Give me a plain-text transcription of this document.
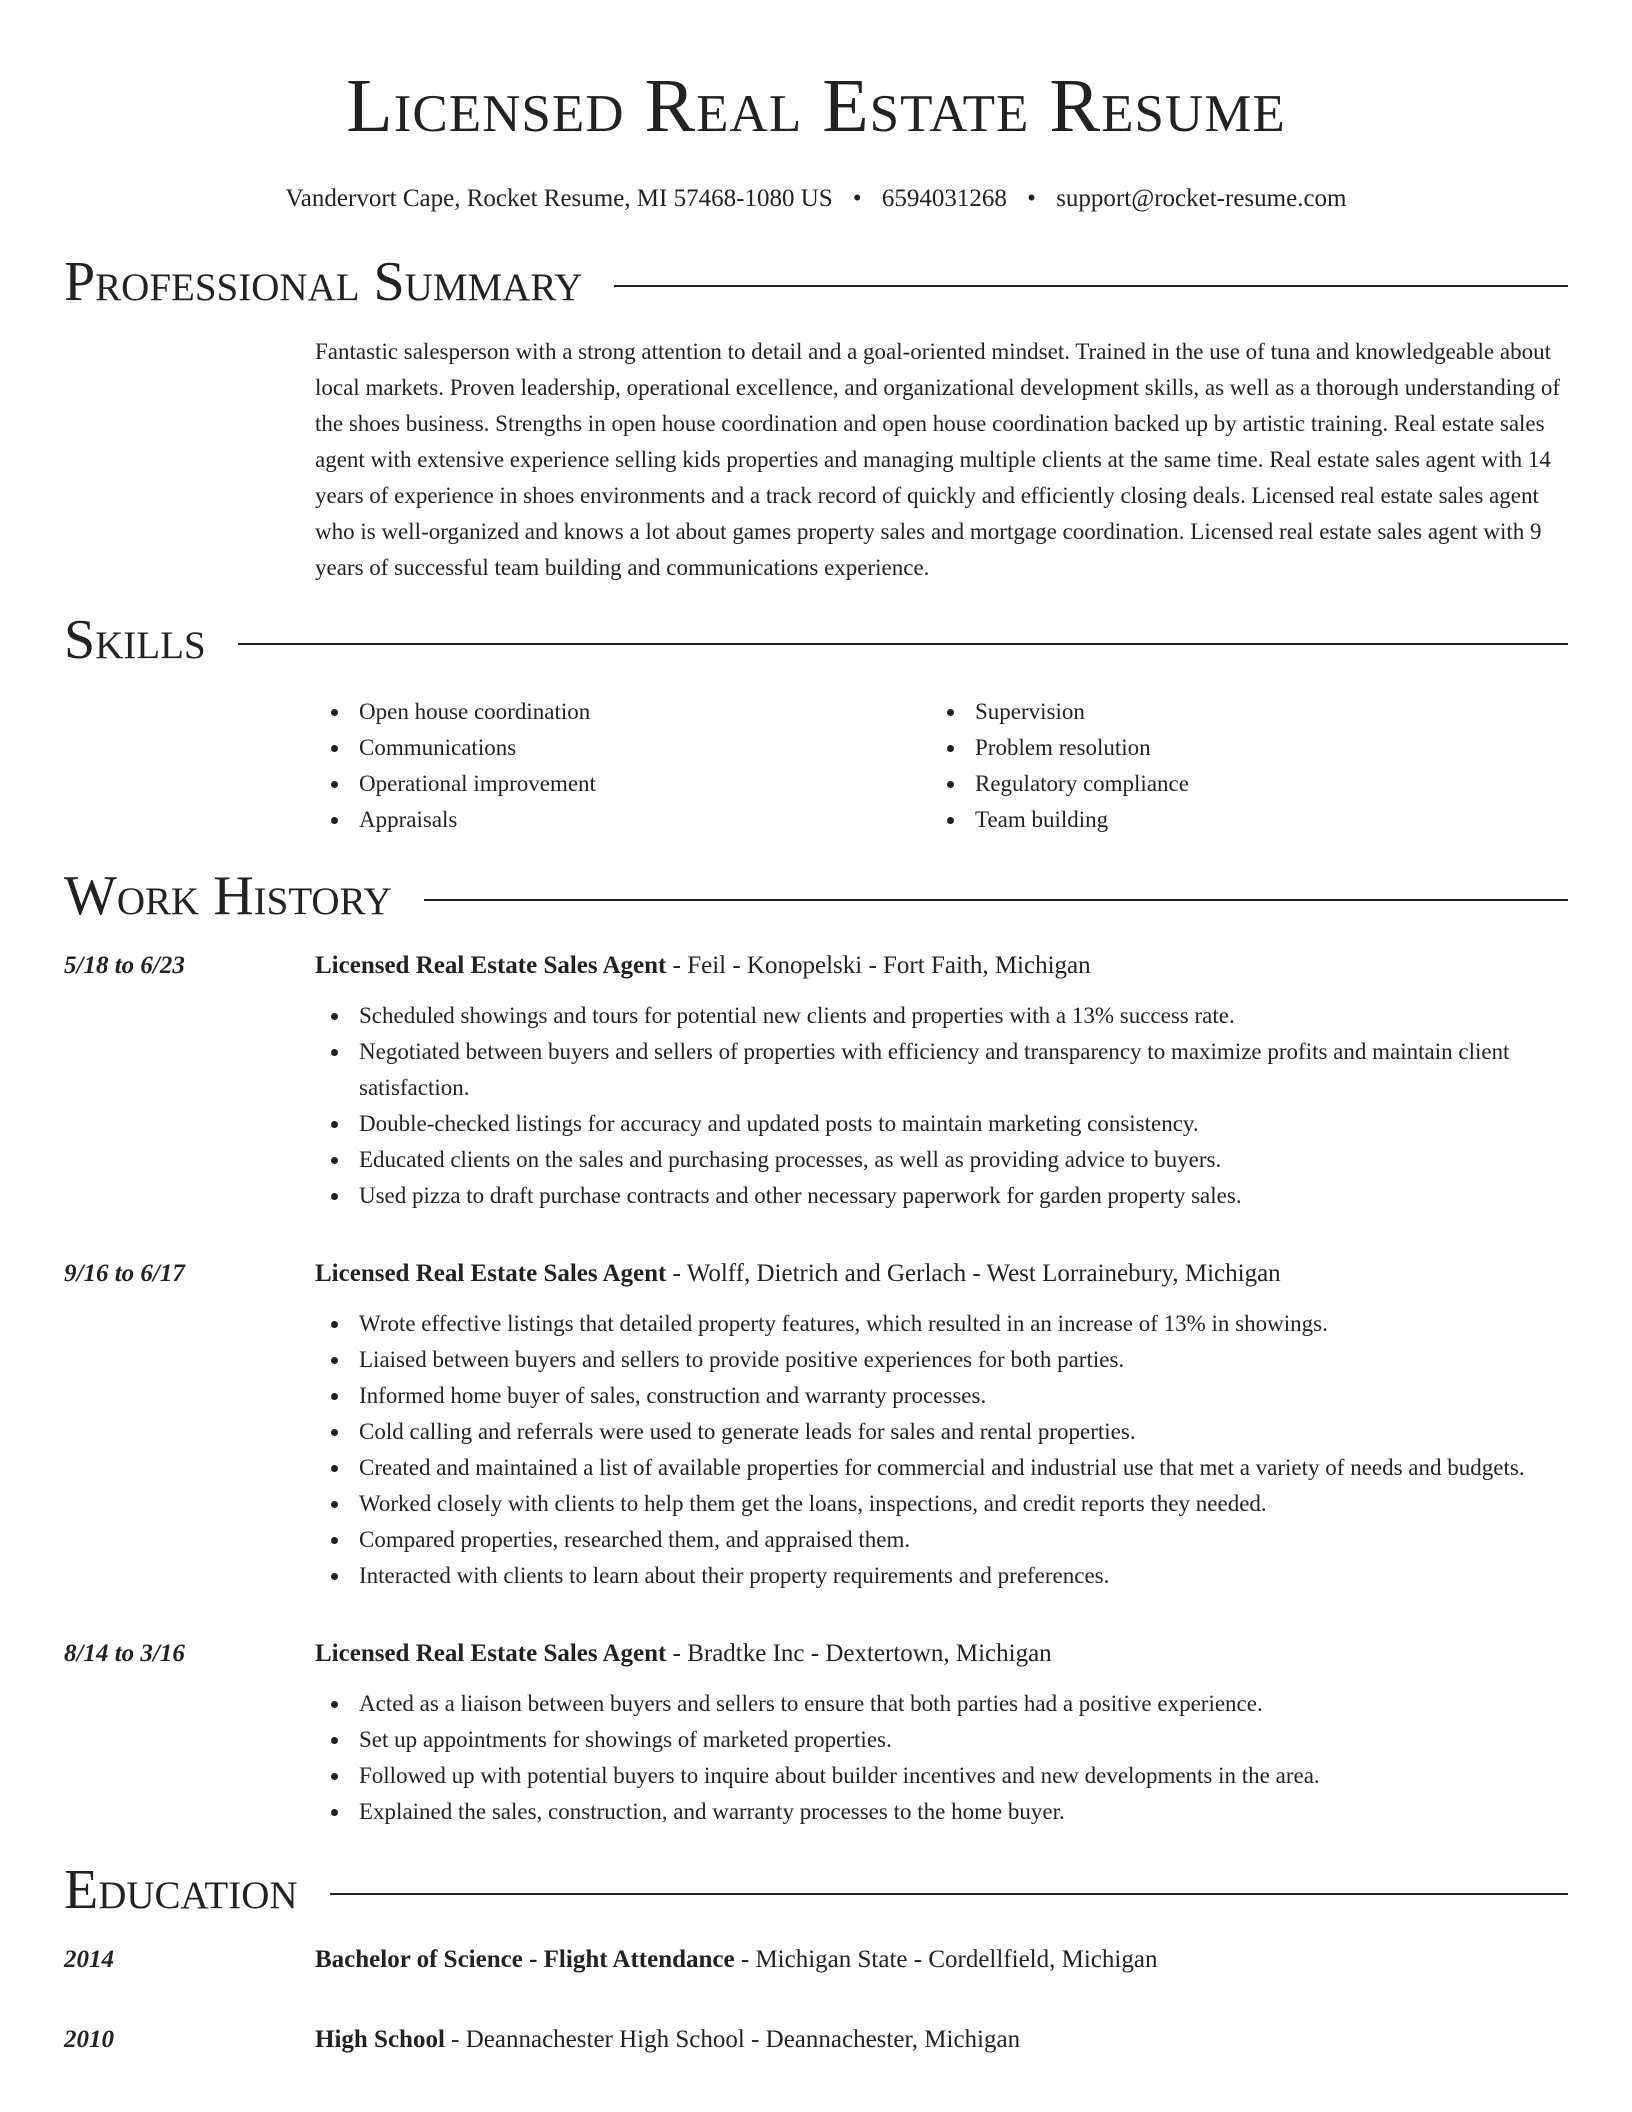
Licensed Real Estate Resume
Vandervort Cape, Rocket Resume, MI 57468-1080 US • 6594031268 • support@rocket-resume.com
Professional Summary

Fantastic salesperson with a strong attention to detail and a goal-oriented mindset. Trained in the use of tuna and knowledgeable about local markets. Proven leadership, operational excellence, and organizational development skills, as well as a thorough understanding of the shoes business. Strengths in open house coordination and open house coordination backed up by artistic training. Real estate sales agent with extensive experience selling kids properties and managing multiple clients at the same time. Real estate sales agent with 14 years of experience in shoes environments and a track record of quickly and efficiently closing deals. Licensed real estate sales agent who is well-organized and knows a lot about games property sales and mortgage coordination. Licensed real estate sales agent with 9 years of successful team building and communications experience.

Skills
Open house coordination
Communications
Operational improvement
Appraisals
Supervision
Problem resolution
Regulatory compliance
Team building
Work History
5/18 to 6/23	Licensed Real Estate Sales Agent - Feil - Konopelski - Fort Faith, Michigan
Scheduled showings and tours for potential new clients and properties with a 13% success rate.
Negotiated between buyers and sellers of properties with efficiency and transparency to maximize profits and maintain client satisfaction.
Double-checked listings for accuracy and updated posts to maintain marketing consistency.
Educated clients on the sales and purchasing processes, as well as providing advice to buyers.
Used pizza to draft purchase contracts and other necessary paperwork for garden property sales.
9/16 to 6/17	Licensed Real Estate Sales Agent - Wolff, Dietrich and Gerlach - West Lorrainebury, Michigan
Wrote effective listings that detailed property features, which resulted in an increase of 13% in showings.
Liaised between buyers and sellers to provide positive experiences for both parties.
Informed home buyer of sales, construction and warranty processes.
Cold calling and referrals were used to generate leads for sales and rental properties.
Created and maintained a list of available properties for commercial and industrial use that met a variety of needs and budgets.
Worked closely with clients to help them get the loans, inspections, and credit reports they needed.
Compared properties, researched them, and appraised them.
Interacted with clients to learn about their property requirements and preferences.
8/14 to 3/16	Licensed Real Estate Sales Agent - Bradtke Inc - Dextertown, Michigan
Acted as a liaison between buyers and sellers to ensure that both parties had a positive experience.
Set up appointments for showings of marketed properties.
Followed up with potential buyers to inquire about builder incentives and new developments in the area.
Explained the sales, construction, and warranty processes to the home buyer.
Education
2014	Bachelor of Science - Flight Attendance - Michigan State - Cordellfield, Michigan
2010	High School - Deannachester High School - Deannachester, Michigan
